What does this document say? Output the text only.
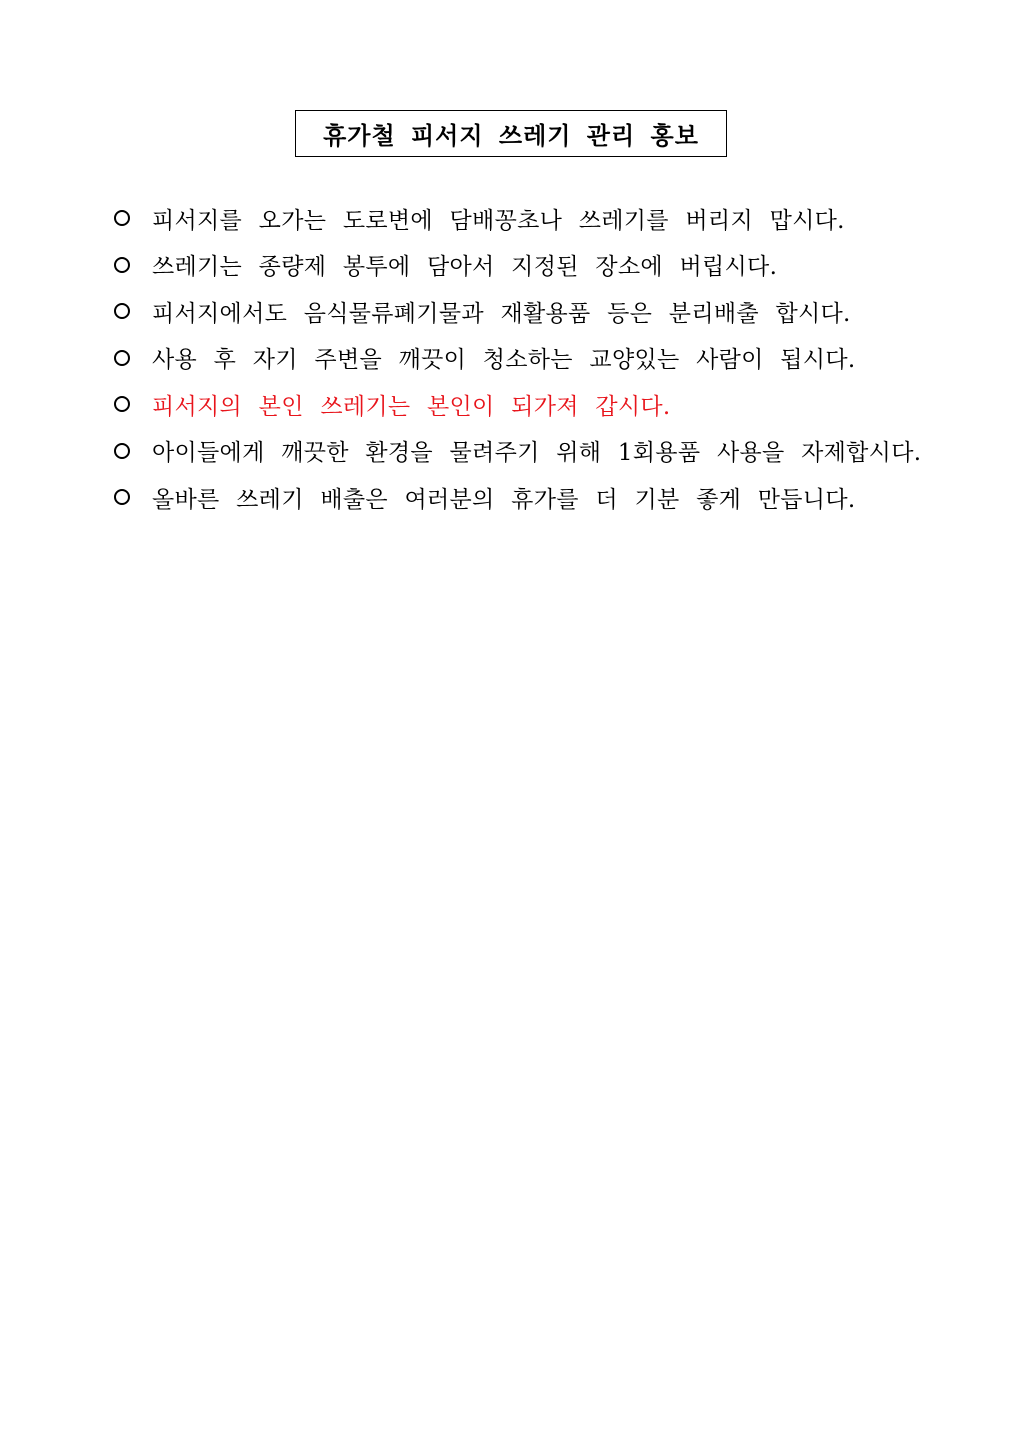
휴가철 피서지 쓰레기 관리 홍보
피서지를 오가는 도로변에 담배꽁초나 쓰레기를 버리지 맙시다.
쓰레기는 종량제 봉투에 담아서 지정된 장소에 버립시다.
피서지에서도 음식물류폐기물과 재활용품 등은 분리배출 합시다.
사용 후 자기 주변을 깨끗이 청소하는 교양있는 사람이 됩시다.
피서지의 본인 쓰레기는 본인이 되가져 갑시다.
아이들에게 깨끗한 환경을 물려주기 위해 1회용품 사용을 자제합시다.
올바른 쓰레기 배출은 여러분의 휴가를 더 기분 좋게 만듭니다.
